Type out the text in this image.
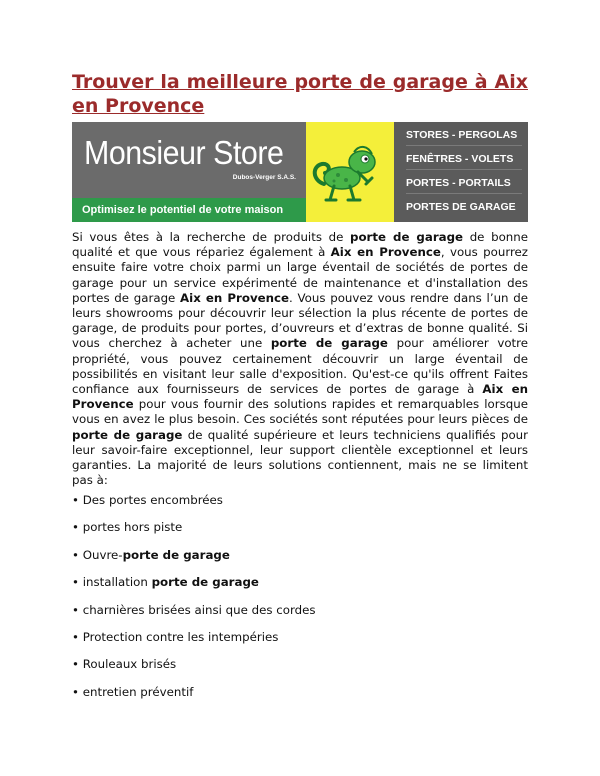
Trouver la meilleure porte de garage à Aix en Provence
Monsieur Store
Dubos-Verger S.A.S.
Optimisez le potentiel de votre maison
STORES - PERGOLAS
FENÊTRES - VOLETS
PORTES - PORTAILS
PORTES DE GARAGE

Si vous êtes à la recherche de produits de porte de garage de bonne qualité et que vous répariez également à Aix en Provence, vous pourrez ensuite faire votre choix parmi un large éventail de sociétés de portes de garage pour un service expérimenté de maintenance et d'installation des portes de garage Aix en Provence. Vous pouvez vous rendre dans l’un de leurs showrooms pour découvrir leur sélection la plus récente de portes de garage, de produits pour portes, d’ouvreurs et d’extras de bonne qualité. Si vous cherchez à acheter une porte de garage pour améliorer votre propriété, vous pouvez certainement découvrir un large éventail de possibilités en visitant leur salle d'exposition. Qu'est-ce qu'ils offrent Faites confiance aux fournisseurs de services de portes de garage à Aix en Provence pour vous fournir des solutions rapides et remarquables lorsque vous en avez le plus besoin. Ces sociétés sont réputées pour leurs pièces de porte de garage de qualité supérieure et leurs techniciens qualifiés pour leur savoir-faire exceptionnel, leur support clientèle exceptionnel et leurs garanties. La majorité de leurs solutions contiennent, mais ne se limitent pas à:

• Des portes encombrées
• portes hors piste
• Ouvre-porte de garage
• installation porte de garage
• charnières brisées ainsi que des cordes
• Protection contre les intempéries
• Rouleaux brisés
• entretien préventif
